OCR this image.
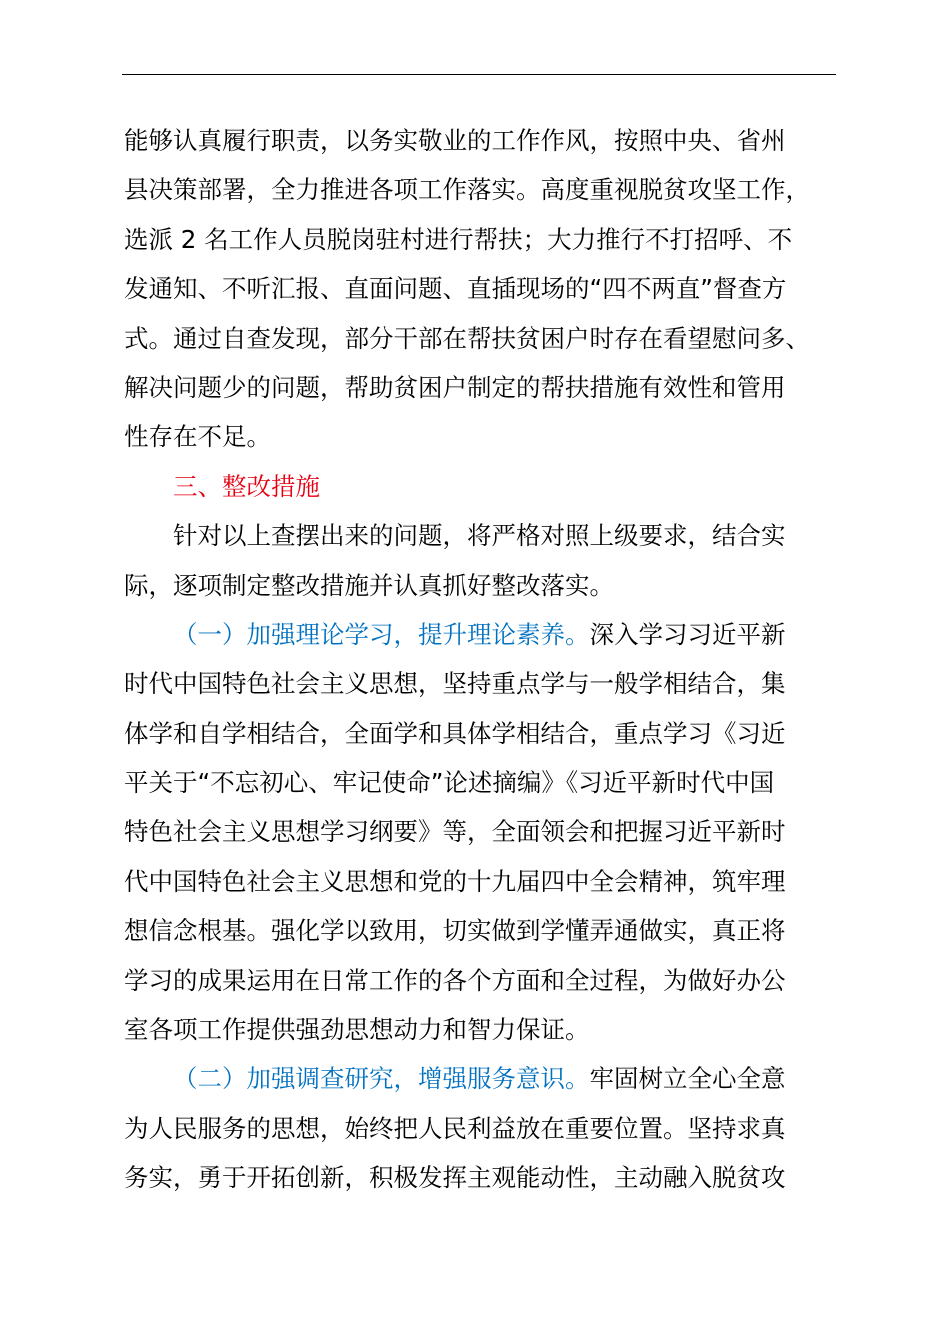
能够认真履行职责，以务实敬业的工作作风，按照中央、省州
县决策部署，全力推进各项工作落实。高度重视脱贫攻坚工作，
选派 2 名工作人员脱岗驻村进行帮扶；大力推行不打招呼、不
发通知、不听汇报、直面问题、直插现场的“四不两直”督查方
式。通过自查发现，部分干部在帮扶贫困户时存在看望慰问多、
解决问题少的问题，帮助贫困户制定的帮扶措施有效性和管用
性存在不足。
三、整改措施
针对以上查摆出来的问题，将严格对照上级要求，结合实
际，逐项制定整改措施并认真抓好整改落实。
（一）加强理论学习，提升理论素养。深入学习习近平新
时代中国特色社会主义思想，坚持重点学与一般学相结合，集
体学和自学相结合，全面学和具体学相结合，重点学习《习近
平关于“不忘初心、牢记使命”论述摘编》《习近平新时代中国
特色社会主义思想学习纲要》等，全面领会和把握习近平新时
代中国特色社会主义思想和党的十九届四中全会精神，筑牢理
想信念根基。强化学以致用，切实做到学懂弄通做实，真正将
学习的成果运用在日常工作的各个方面和全过程，为做好办公
室各项工作提供强劲思想动力和智力保证。
（二）加强调查研究，增强服务意识。牢固树立全心全意
为人民服务的思想，始终把人民利益放在重要位置。坚持求真
务实，勇于开拓创新，积极发挥主观能动性，主动融入脱贫攻
